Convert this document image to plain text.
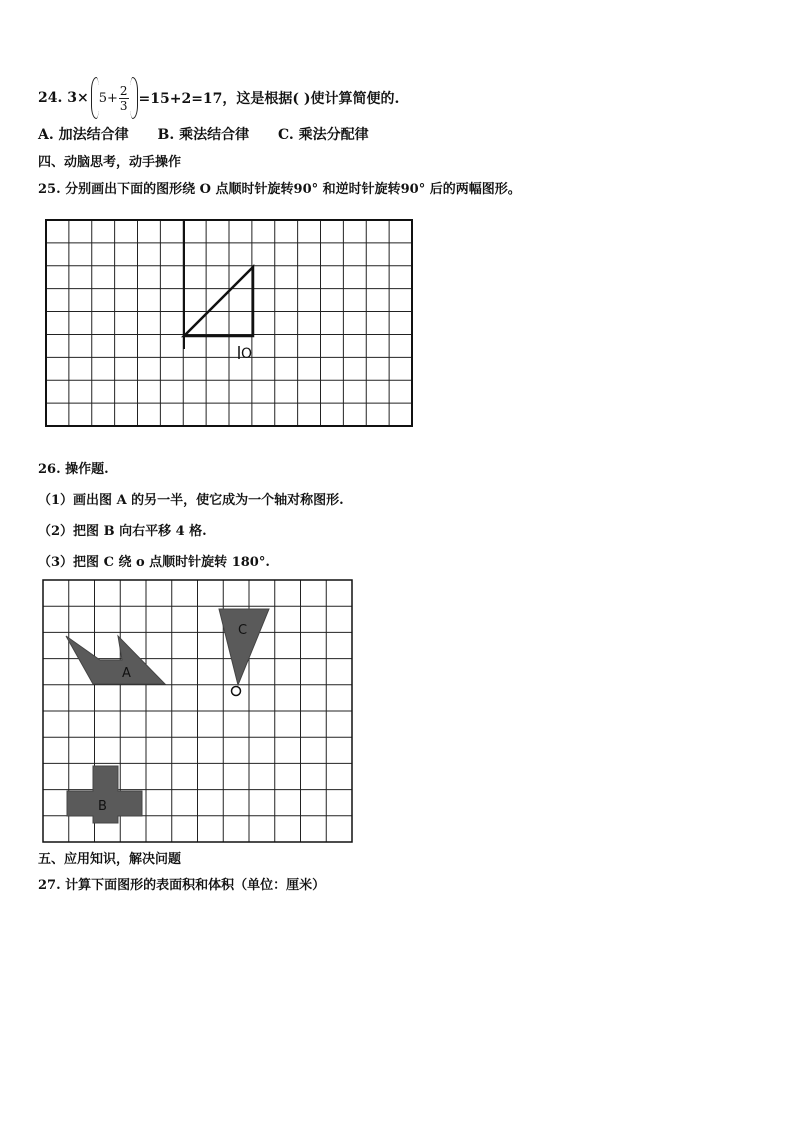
24. $3\times 5+ \frac{2}{3} =15+2=17$，这是根据( )使计算简便的.
A. 加法结合律 B. 乘法结合律 C. 乘法分配律
四、动脑思考，动手操作
25. 分别画出下面的图形绕 O 点顺时针旋转90° 和逆时针旋转90° 后的两幅图形。
O
26. 操作题.
（1）画出图 A 的另一半，使它成为一个轴对称图形.
（2）把图 B 向右平移 4 格.
（3）把图 C 绕 o 点顺时针旋转 180°.
A
C
B
五、应用知识，解决问题
27. 计算下面图形的表面积和体积（单位：厘米）
